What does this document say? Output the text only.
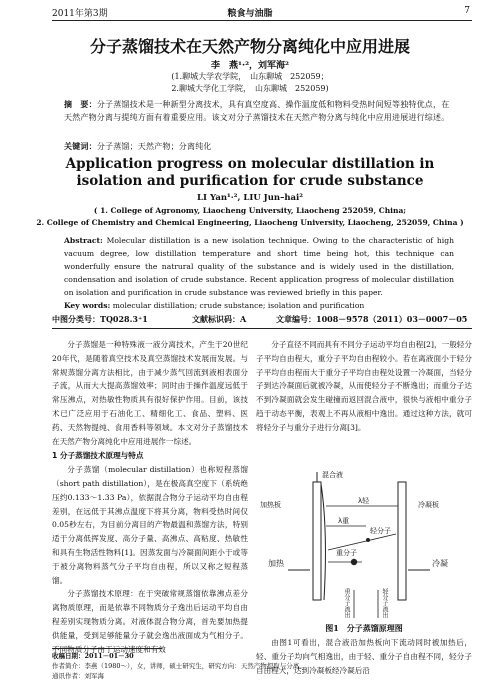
2011年第3期	粮食与油脂	7
分子蒸馏技术在天然产物分离纯化中应用进展
李　燕¹·²，刘军海²
(1.聊城大学农学院，　山东聊城　252059；
2.聊城大学化工学院，　山东聊城　252059)
摘　要：分子蒸馏技术是一种新型分离技术，具有真空度高、操作温度低和物料受热时间短等独特优点，在天然产物分离与提纯方面有着重要应用。该文对分子蒸馏技术在天然产物分离与纯化中应用进展进行综述。
关键词：分子蒸馏；天然产物；分离纯化
Application progress on molecular distillation in isolation and purification for crude substance
LI Yan¹·², LIU Jun–hai²
( 1. College of Agronomy, Liaocheng University, Liaocheng 252059, China;
2. College of Chemistry and Chemical Engineering, Liaocheng University, Liaocheng, 252059, China )
Abstract: Molecular distillation is a new isolation technique. Owing to the characteristic of high vacuum degree, low distillation temperature and short time being hot, this technique can wonderfully ensure the natrural quality of the substance and is widely used in the distillation, condensation and isolation of crude substance. Recent application progress of molecular distillation on isolation and purification in crude substance was reviewed briefly in this paper.
Key words: molecular distillation; crude substance; isolation and purification
中图分类号：TQ028.3⁺1	文献标识码：A	文章编号：1008－9578（2011）03－0007－05

分子蒸馏是一种特殊液一液分离技术，产生于20世纪20年代，是随着真空技术及真空蒸馏技术发展而发展。与常规蒸馏分离方法相比，由于减少蒸气回流到液相表面分子流，从而大大提高蒸馏效率；同时由于操作温度远低于常压沸点，对热敏性物质具有很好保护作用。目前，该技术已广泛应用于石油化工、精细化工、食品、塑料、医药、天然物提纯、食用香料等领域。本文对分子蒸馏技术在天然产物分离纯化中应用进展作一综述。

1 分子蒸馏技术原理与特点

分子蒸馏（molecular distillation）也称短程蒸馏（short path distillation），是在极高真空度下（系统绝压约0.133～1.33 Pa），依据混合物分子运动平均自由程差别，在远低于其沸点温度下将其分离，物料受热时间仅0.05秒左右，为目前分离目的产物最温和蒸馏方法，特别适于分离低挥发度、高分子量、高沸点、高粘度、热敏性和具有生物活性物料[1]。因蒸发面与冷凝面间距小于或等于被分离物料蒸气分子平均自由程，所以又称之短程蒸馏。

分子蒸馏技术原理：在于突破常规蒸馏依靠沸点差分离物质原理，而是依靠不同物质分子逸出后运动平均自由程差别实现物质分离。对液体混合物分离，首先要加热提供能量，受到足够能量分子就会逸出液面成为气相分子。不同物质分子由于运动速度和有效

分子直径不同而具有不同分子运动平均自由程[2]，一般轻分子平均自由程大，重分子平均自由程较小。若在离液面小于轻分子平均自由程而大于重分子平均自由程处设置一冷凝面，当轻分子到达冷凝面后就被冷凝，从而使轻分子不断逸出；而重分子达不到冷凝面就会发生碰撞而返回混合液中，很快与液相中重分子趋于动态平衡，表观上不再从液相中逸出。通过这种方法，就可将轻分子与重分子进行分离[3]。

混合液
加热板	冷凝板
λ轻
λ重
轻分子
重分子
加热	冷凝
重分子流出	轻分子流出
图1　分子蒸馏原理图

由图1可看出，混合液沿加热板向下流动同时被加热后，轻、重分子均向气相逸出，由于轻、重分子自由程不同，轻分子自由程大，达到冷凝板经冷凝后沿

收稿日期：2011－01－30
作者简介：李燕（1980～），女，讲师，硕士研究生，研究方向：天然产物提取与分离。
通讯作者：刘军海
